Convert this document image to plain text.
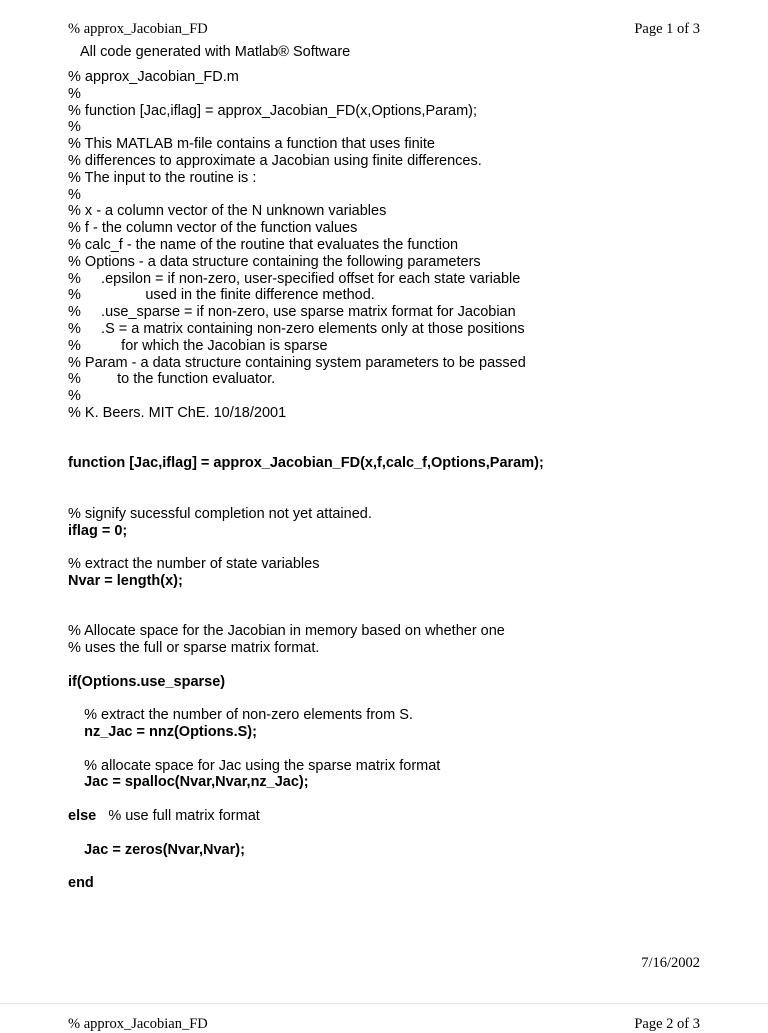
% approx_Jacobian_FD	Page 1 of 3
All code generated with Matlab® Software
% approx_Jacobian_FD.m
%
% function [Jac,iflag] = approx_Jacobian_FD(x,Options,Param);
%
% This MATLAB m-file contains a function that uses finite
% differences to approximate a Jacobian using finite differences.
% The input to the routine is :
%
% x - a column vector of the N unknown variables
% f - the column vector of the function values
% calc_f - the name of the routine that evaluates the function
% Options - a data structure containing the following parameters
%     .epsilon = if non-zero, user-specified offset for each state variable
%                used in the finite difference method.
%     .use_sparse = if non-zero, use sparse matrix format for Jacobian
%     .S = a matrix containing non-zero elements only at those positions
%          for which the Jacobian is sparse
% Param - a data structure containing system parameters to be passed
%         to the function evaluator.
%
% K. Beers. MIT ChE. 10/18/2001
function [Jac,iflag] = approx_Jacobian_FD(x,f,calc_f,Options,Param);
% signify sucessful completion not yet attained.
iflag = 0;
% extract the number of state variables
Nvar = length(x);
% Allocate space for the Jacobian in memory based on whether one
% uses the full or sparse matrix format.
if(Options.use_sparse)
% extract the number of non-zero elements from S.
nz_Jac = nnz(Options.S);
% allocate space for Jac using the sparse matrix format
Jac = spalloc(Nvar,Nvar,nz_Jac);
else   % use full matrix format
Jac = zeros(Nvar,Nvar);
end
7/16/2002
% approx_Jacobian_FD	Page 2 of 3
